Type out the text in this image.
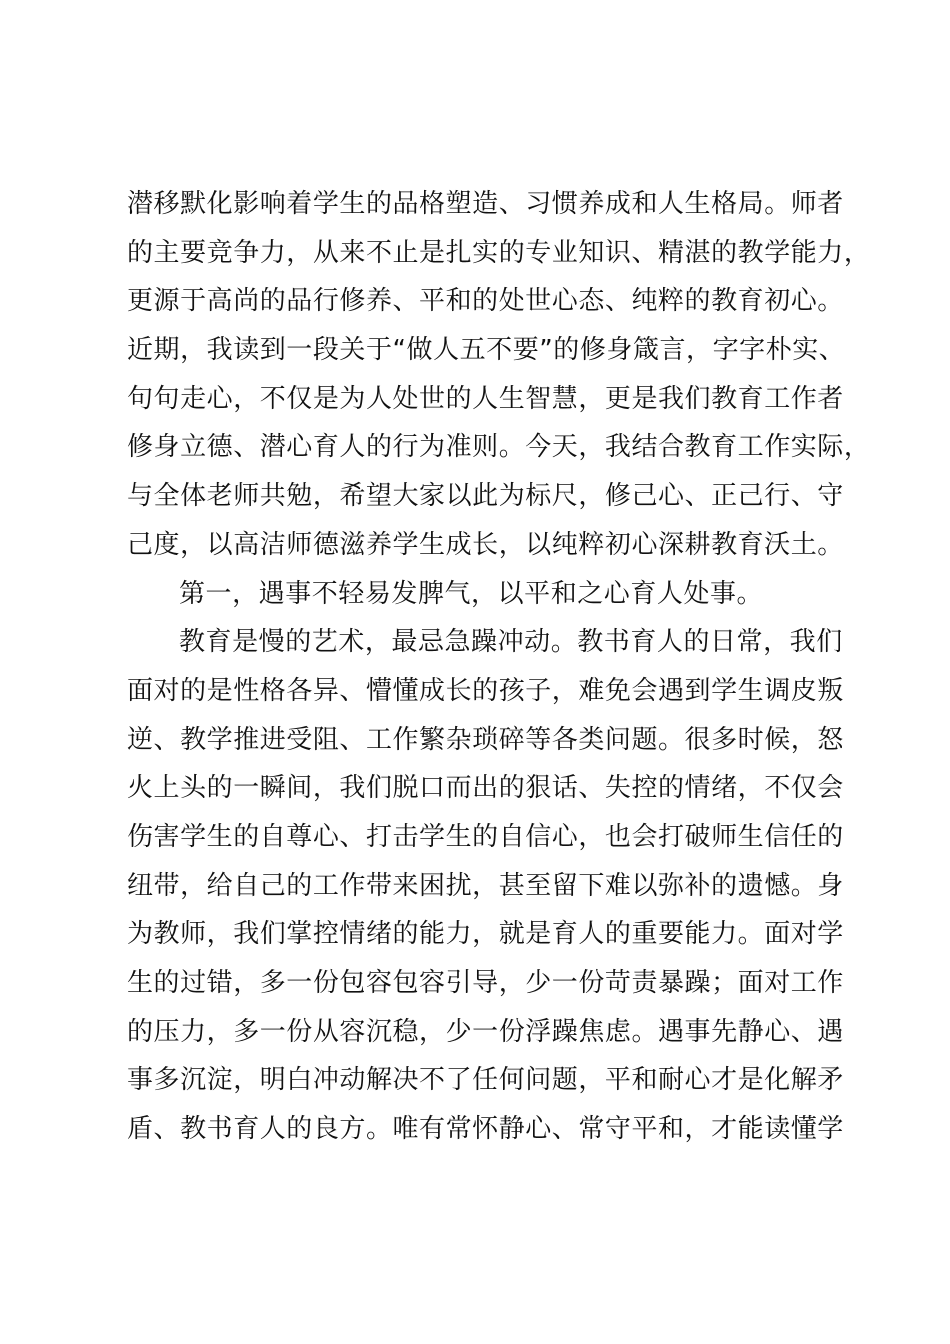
潜移默化影响着学生的品格塑造、习惯养成和人生格局。师者
的主要竞争力，从来不止是扎实的专业知识、精湛的教学能力，
更源于高尚的品行修养、平和的处世心态、纯粹的教育初心。
近期，我读到一段关于“做人五不要”的修身箴言，字字朴实、
句句走心，不仅是为人处世的人生智慧，更是我们教育工作者
修身立德、潜心育人的行为准则。今天，我结合教育工作实际，
与全体老师共勉，希望大家以此为标尺，修己心、正己行、守
己度，以高洁师德滋养学生成长，以纯粹初心深耕教育沃土。
第一，遇事不轻易发脾气，以平和之心育人处事。
教育是慢的艺术，最忌急躁冲动。教书育人的日常，我们
面对的是性格各异、懵懂成长的孩子，难免会遇到学生调皮叛
逆、教学推进受阻、工作繁杂琐碎等各类问题。很多时候，怒
火上头的一瞬间，我们脱口而出的狠话、失控的情绪，不仅会
伤害学生的自尊心、打击学生的自信心，也会打破师生信任的
纽带，给自己的工作带来困扰，甚至留下难以弥补的遗憾。身
为教师，我们掌控情绪的能力，就是育人的重要能力。面对学
生的过错，多一份包容包容引导，少一份苛责暴躁；面对工作
的压力，多一份从容沉稳，少一份浮躁焦虑。遇事先静心、遇
事多沉淀，明白冲动解决不了任何问题，平和耐心才是化解矛
盾、教书育人的良方。唯有常怀静心、常守平和，才能读懂学
